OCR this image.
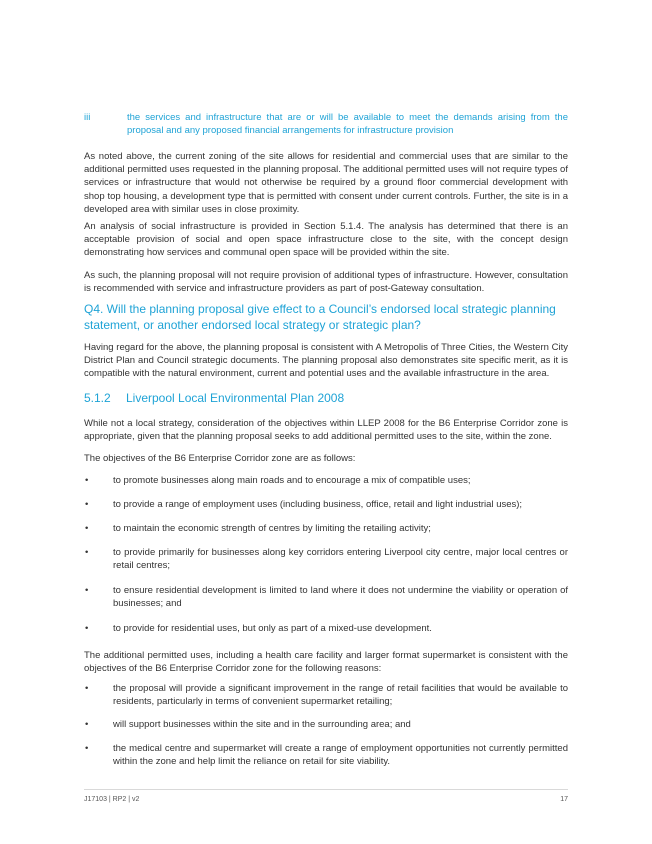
iii	the services and infrastructure that are or will be available to meet the demands arising from the proposal and any proposed financial arrangements for infrastructure provision

As noted above, the current zoning of the site allows for residential and commercial uses that are similar to the additional permitted uses requested in the planning proposal. The additional permitted uses will not require types of services or infrastructure that would not otherwise be required by a ground floor commercial development with shop top housing, a development type that is permitted with consent under current controls. Further, the site is in a developed area with similar uses in close proximity.

An analysis of social infrastructure is provided in Section 5.1.4. The analysis has determined that there is an acceptable provision of social and open space infrastructure close to the site, with the concept design demonstrating how services and communal open space will be provided within the site.

As such, the planning proposal will not require provision of additional types of infrastructure. However, consultation is recommended with service and infrastructure providers as part of post-Gateway consultation.

Q4. Will the planning proposal give effect to a Council’s endorsed local strategic planning statement, or another endorsed local strategy or strategic plan?

Having regard for the above, the planning proposal is consistent with A Metropolis of Three Cities, the Western City District Plan and Council strategic documents. The planning proposal also demonstrates site specific merit, as it is compatible with the natural environment, current and potential uses and the available infrastructure in the area.

5.1.2 Liverpool Local Environmental Plan 2008

While not a local strategy, consideration of the objectives within LLEP 2008 for the B6 Enterprise Corridor zone is appropriate, given that the planning proposal seeks to add additional permitted uses to the site, within the zone.

The objectives of the B6 Enterprise Corridor zone are as follows:

•	to promote businesses along main roads and to encourage a mix of compatible uses;

•	to provide a range of employment uses (including business, office, retail and light industrial uses);

•	to maintain the economic strength of centres by limiting the retailing activity;

•	to provide primarily for businesses along key corridors entering Liverpool city centre, major local centres or retail centres;

•	to ensure residential development is limited to land where it does not undermine the viability or operation of businesses; and

•	to provide for residential uses, but only as part of a mixed-use development.

The additional permitted uses, including a health care facility and larger format supermarket is consistent with the objectives of the B6 Enterprise Corridor zone for the following reasons:

•	the proposal will provide a significant improvement in the range of retail facilities that would be available to residents, particularly in terms of convenient supermarket retailing;

•	will support businesses within the site and in the surrounding area; and

•	the medical centre and supermarket will create a range of employment opportunities not currently permitted within the zone and help limit the reliance on retail for site viability.

J17103 | RP2 | v2	17
